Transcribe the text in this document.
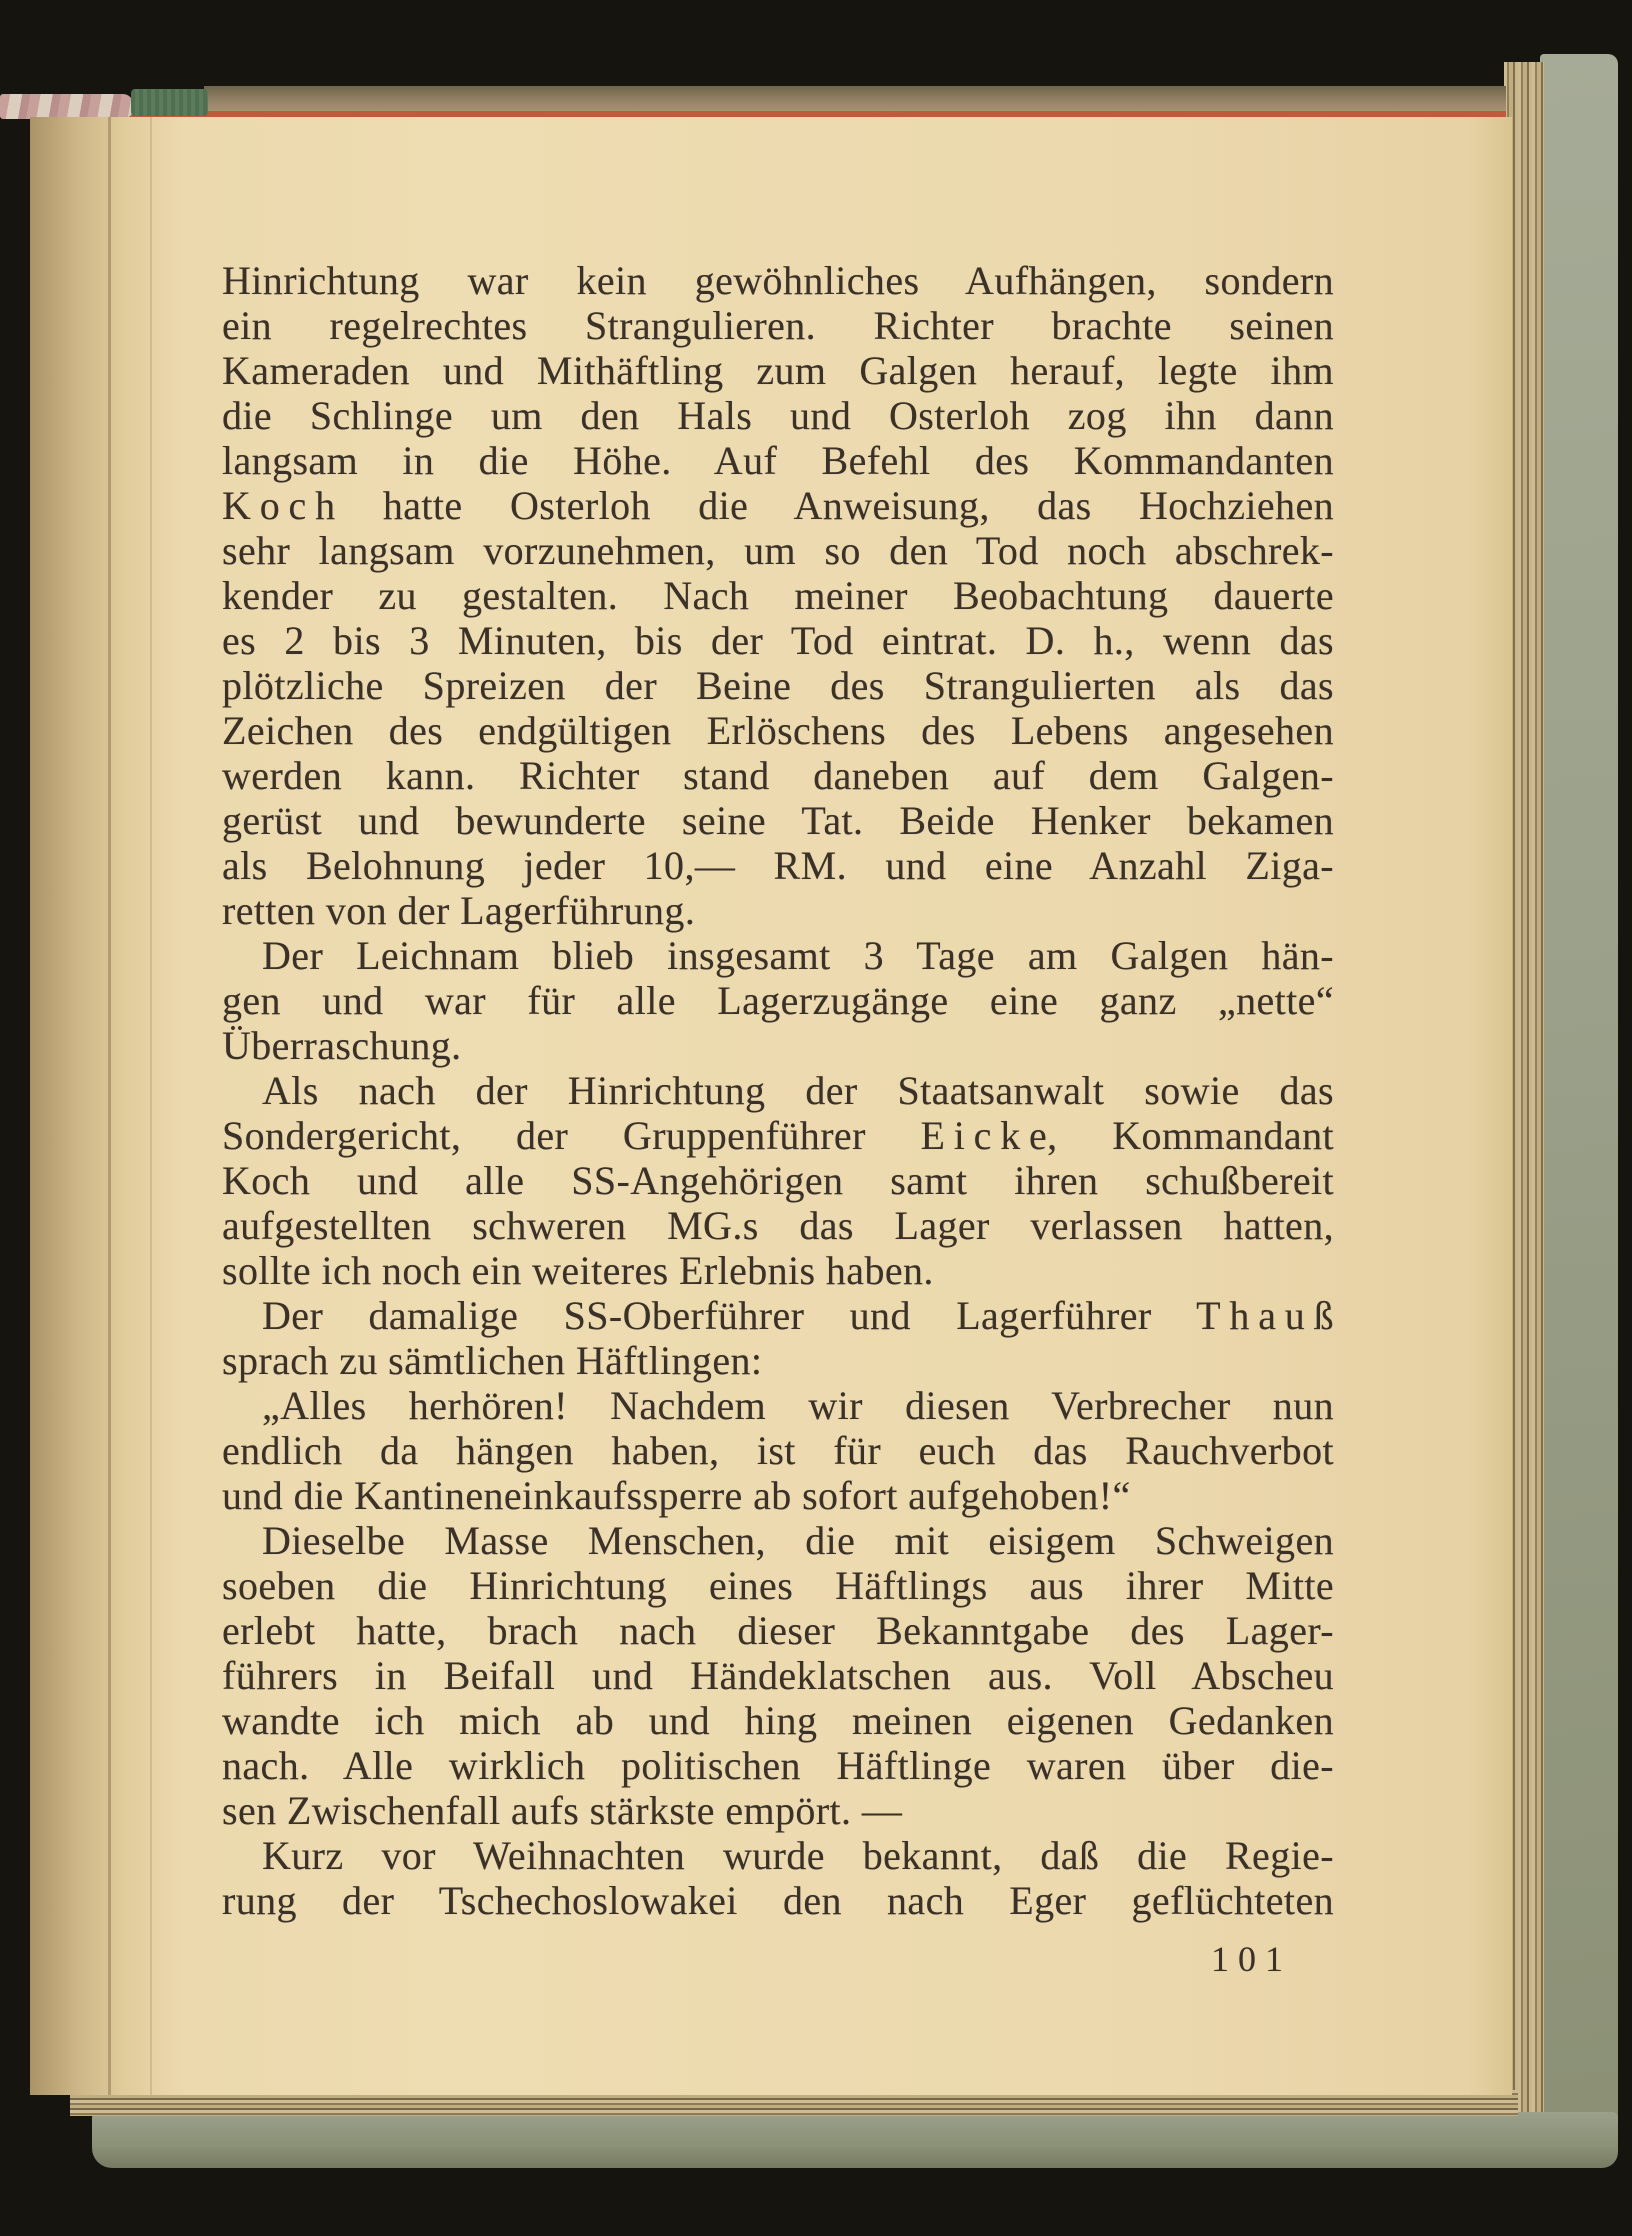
Hinrichtung war kein gewöhnliches Aufhängen, sondern
ein regelrechtes Strangulieren. Richter brachte seinen
Kameraden und Mithäftling zum Galgen herauf, legte ihm
die Schlinge um den Hals und Osterloh zog ihn dann
langsam in die Höhe. Auf Befehl des Kommandanten
K o c h hatte Osterloh die Anweisung, das Hochziehen
sehr langsam vorzunehmen, um so den Tod noch abschrek-
kender zu gestalten. Nach meiner Beobachtung dauerte
es 2 bis 3 Minuten, bis der Tod eintrat. D. h., wenn das
plötzliche Spreizen der Beine des Strangulierten als das
Zeichen des endgültigen Erlöschens des Lebens angesehen
werden kann. Richter stand daneben auf dem Galgen-
gerüst und bewunderte seine Tat. Beide Henker bekamen
als Belohnung jeder 10,— RM. und eine Anzahl Ziga-
retten von der Lagerführung.
Der Leichnam blieb insgesamt 3 Tage am Galgen hän-
gen und war für alle Lagerzugänge eine ganz „nette“
Überraschung.
Als nach der Hinrichtung der Staatsanwalt sowie das
Sondergericht, der Gruppenführer E i c k e, Kommandant
Koch und alle SS-Angehörigen samt ihren schußbereit
aufgestellten schweren MG.s das Lager verlassen hatten,
sollte ich noch ein weiteres Erlebnis haben.
Der damalige SS-Oberführer und Lagerführer T h a u ß
sprach zu sämtlichen Häftlingen:
„Alles herhören! Nachdem wir diesen Verbrecher nun
endlich da hängen haben, ist für euch das Rauchverbot
und die Kantineneinkaufssperre ab sofort aufgehoben!“
Dieselbe Masse Menschen, die mit eisigem Schweigen
soeben die Hinrichtung eines Häftlings aus ihrer Mitte
erlebt hatte, brach nach dieser Bekanntgabe des Lager-
führers in Beifall und Händeklatschen aus. Voll Abscheu
wandte ich mich ab und hing meinen eigenen Gedanken
nach. Alle wirklich politischen Häftlinge waren über die-
sen Zwischenfall aufs stärkste empört. —
Kurz vor Weihnachten wurde bekannt, daß die Regie-
rung der Tschechoslowakei den nach Eger geflüchteten
101
